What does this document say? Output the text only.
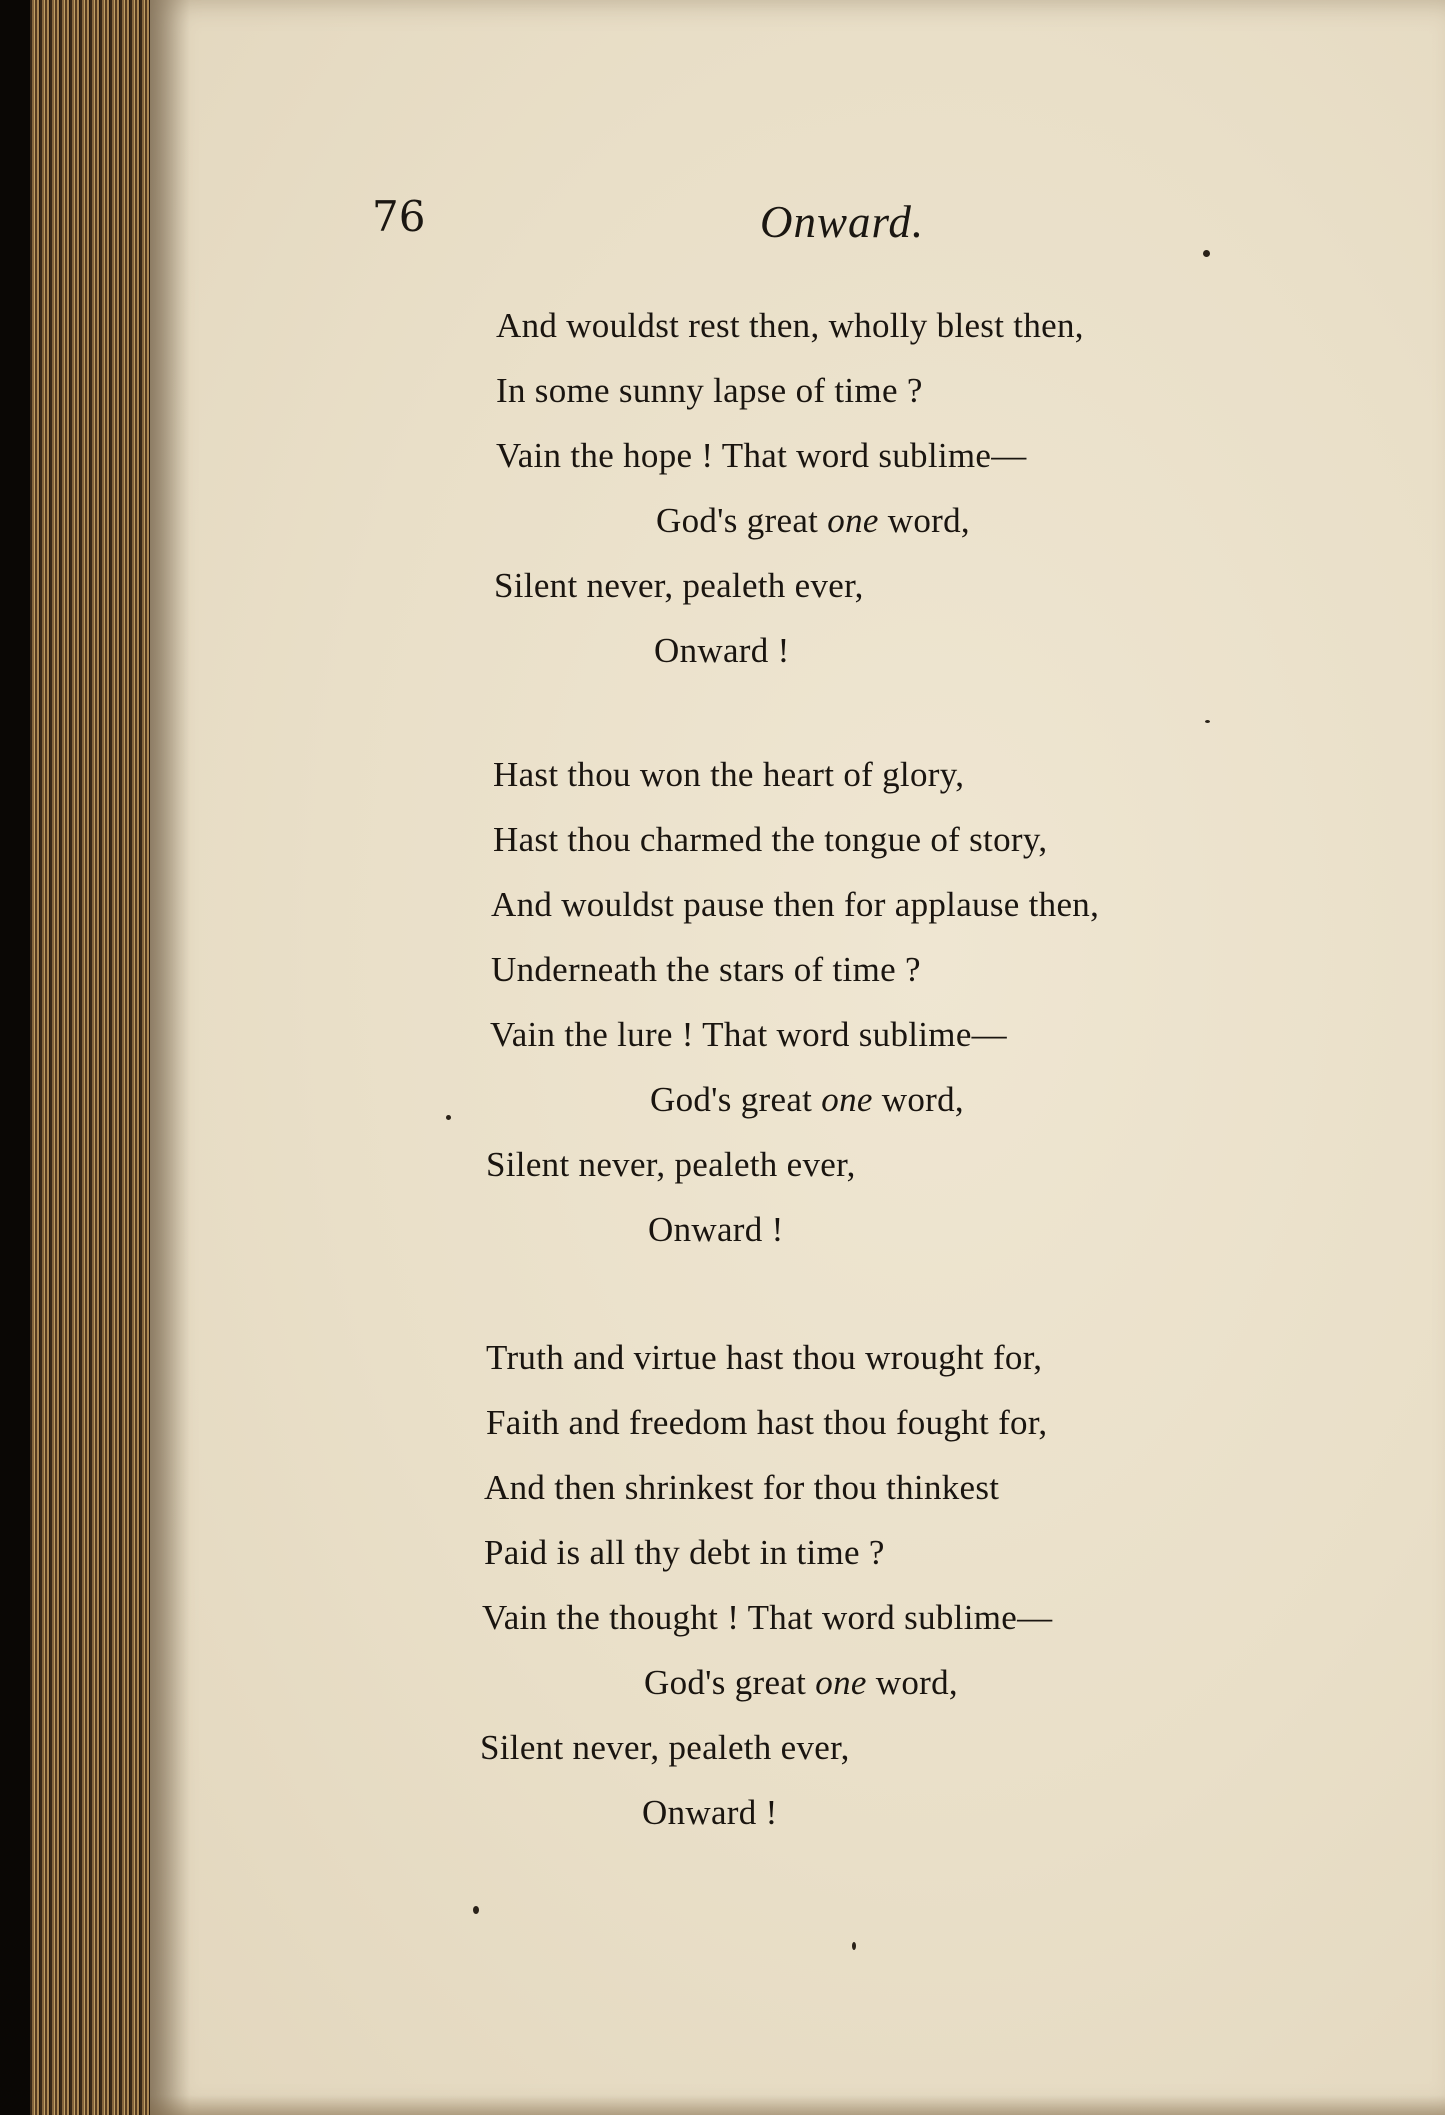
76	Onward.
And wouldst rest then, wholly blest then,
In some sunny lapse of time ?
Vain the hope ! That word sublime—
God's great one word,
Silent never, pealeth ever,
Onward !
Hast thou won the heart of glory,
Hast thou charmed the tongue of story,
And wouldst pause then for applause then,
Underneath the stars of time ?
Vain the lure ! That word sublime—
God's great one word,
Silent never, pealeth ever,
Onward !
Truth and virtue hast thou wrought for,
Faith and freedom hast thou fought for,
And then shrinkest for thou thinkest
Paid is all thy debt in time ?
Vain the thought ! That word sublime—
God's great one word,
Silent never, pealeth ever,
Onward !
